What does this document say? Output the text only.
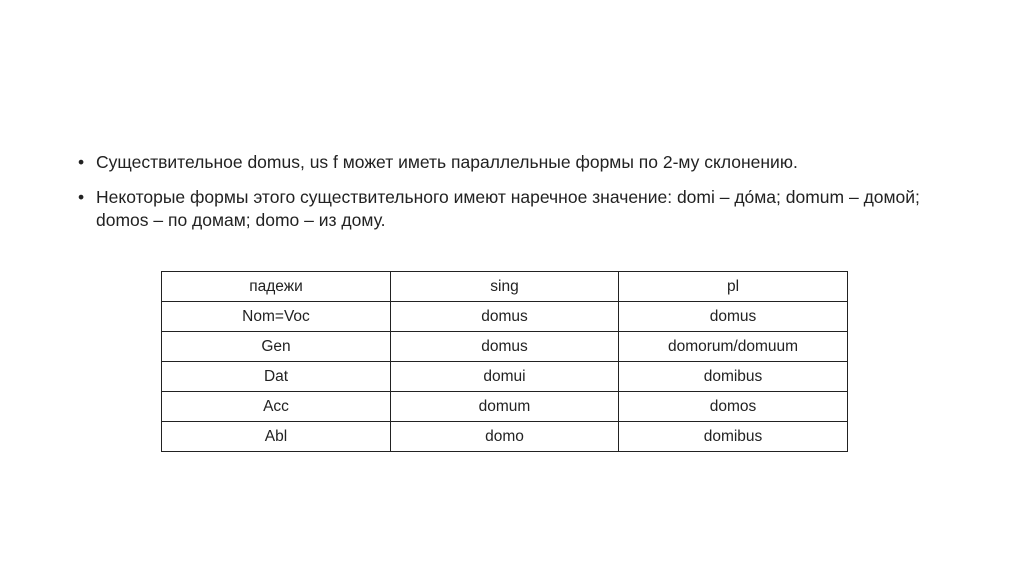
• Существительное domus, us f может иметь параллельные формы по 2-му склонению.
• Некоторые формы этого существительного имеют наречное значение: domi – до́ма; domum – домой; domos – по домам; domo – из дому.
падежи	sing	pl
Nom=Voc	domus	domus
Gen	domus	domorum/domuum
Dat	domui	domibus
Acc	domum	domos
Abl	domo	domibus
